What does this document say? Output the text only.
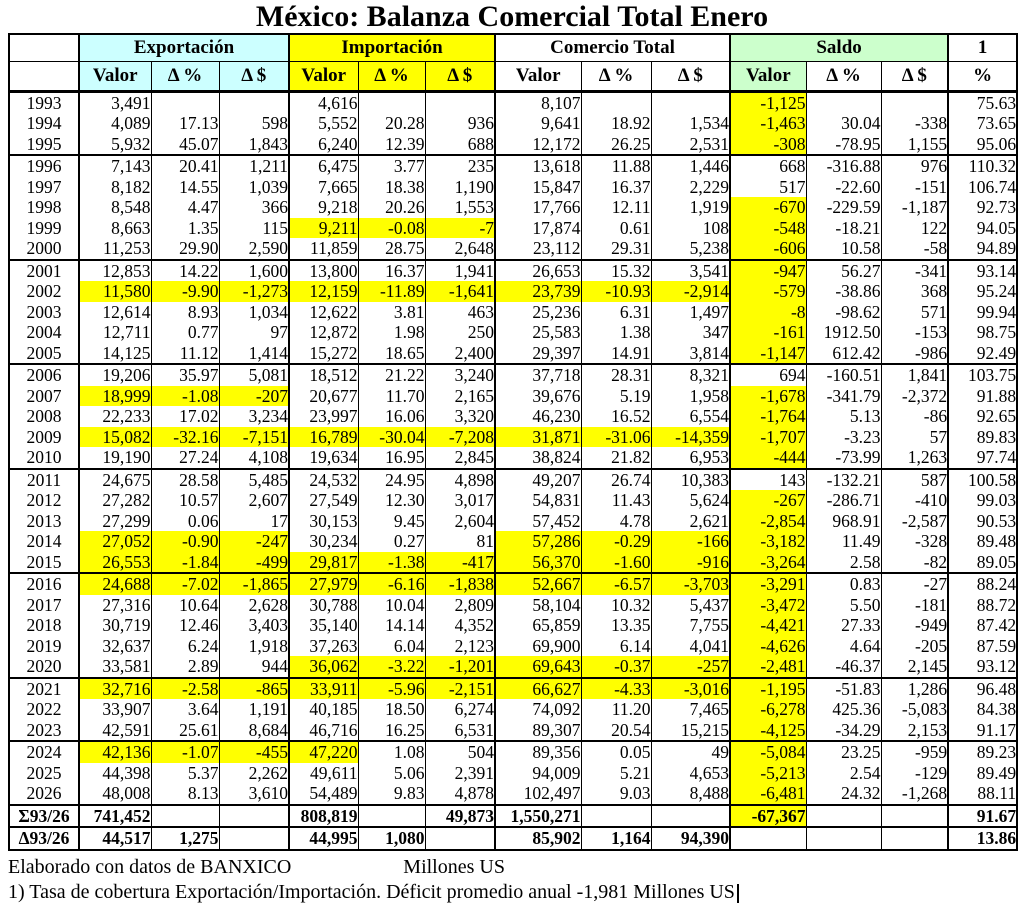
México: Balanza Comercial Total Enero
	Exportación			Importación			Comercio Total			Saldo			1
	Valor	Δ %	Δ $	Valor	Δ %	Δ $	Valor	Δ %	Δ $	Valor	Δ %	Δ $	%
1993	3,491			4,616			8,107			-1,125			75.63
1994	4,089	17.13	598	5,552	20.28	936	9,641	18.92	1,534	-1,463	30.04	-338	73.65
1995	5,932	45.07	1,843	6,240	12.39	688	12,172	26.25	2,531	-308	-78.95	1,155	95.06
1996	7,143	20.41	1,211	6,475	3.77	235	13,618	11.88	1,446	668	-316.88	976	110.32
1997	8,182	14.55	1,039	7,665	18.38	1,190	15,847	16.37	2,229	517	-22.60	-151	106.74
1998	8,548	4.47	366	9,218	20.26	1,553	17,766	12.11	1,919	-670	-229.59	-1,187	92.73
1999	8,663	1.35	115	9,211	-0.08	-7	17,874	0.61	108	-548	-18.21	122	94.05
2000	11,253	29.90	2,590	11,859	28.75	2,648	23,112	29.31	5,238	-606	10.58	-58	94.89
2001	12,853	14.22	1,600	13,800	16.37	1,941	26,653	15.32	3,541	-947	56.27	-341	93.14
2002	11,580	-9.90	-1,273	12,159	-11.89	-1,641	23,739	-10.93	-2,914	-579	-38.86	368	95.24
2003	12,614	8.93	1,034	12,622	3.81	463	25,236	6.31	1,497	-8	-98.62	571	99.94
2004	12,711	0.77	97	12,872	1.98	250	25,583	1.38	347	-161	1912.50	-153	98.75
2005	14,125	11.12	1,414	15,272	18.65	2,400	29,397	14.91	3,814	-1,147	612.42	-986	92.49
2006	19,206	35.97	5,081	18,512	21.22	3,240	37,718	28.31	8,321	694	-160.51	1,841	103.75
2007	18,999	-1.08	-207	20,677	11.70	2,165	39,676	5.19	1,958	-1,678	-341.79	-2,372	91.88
2008	22,233	17.02	3,234	23,997	16.06	3,320	46,230	16.52	6,554	-1,764	5.13	-86	92.65
2009	15,082	-32.16	-7,151	16,789	-30.04	-7,208	31,871	-31.06	-14,359	-1,707	-3.23	57	89.83
2010	19,190	27.24	4,108	19,634	16.95	2,845	38,824	21.82	6,953	-444	-73.99	1,263	97.74
2011	24,675	28.58	5,485	24,532	24.95	4,898	49,207	26.74	10,383	143	-132.21	587	100.58
2012	27,282	10.57	2,607	27,549	12.30	3,017	54,831	11.43	5,624	-267	-286.71	-410	99.03
2013	27,299	0.06	17	30,153	9.45	2,604	57,452	4.78	2,621	-2,854	968.91	-2,587	90.53
2014	27,052	-0.90	-247	30,234	0.27	81	57,286	-0.29	-166	-3,182	11.49	-328	89.48
2015	26,553	-1.84	-499	29,817	-1.38	-417	56,370	-1.60	-916	-3,264	2.58	-82	89.05
2016	24,688	-7.02	-1,865	27,979	-6.16	-1,838	52,667	-6.57	-3,703	-3,291	0.83	-27	88.24
2017	27,316	10.64	2,628	30,788	10.04	2,809	58,104	10.32	5,437	-3,472	5.50	-181	88.72
2018	30,719	12.46	3,403	35,140	14.14	4,352	65,859	13.35	7,755	-4,421	27.33	-949	87.42
2019	32,637	6.24	1,918	37,263	6.04	2,123	69,900	6.14	4,041	-4,626	4.64	-205	87.59
2020	33,581	2.89	944	36,062	-3.22	-1,201	69,643	-0.37	-257	-2,481	-46.37	2,145	93.12
2021	32,716	-2.58	-865	33,911	-5.96	-2,151	66,627	-4.33	-3,016	-1,195	-51.83	1,286	96.48
2022	33,907	3.64	1,191	40,185	18.50	6,274	74,092	11.20	7,465	-6,278	425.36	-5,083	84.38
2023	42,591	25.61	8,684	46,716	16.25	6,531	89,307	20.54	15,215	-4,125	-34.29	2,153	91.17
2024	42,136	-1.07	-455	47,220	1.08	504	89,356	0.05	49	-5,084	23.25	-959	89.23
2025	44,398	5.37	2,262	49,611	5.06	2,391	94,009	5.21	4,653	-5,213	2.54	-129	89.49
2026	48,008	8.13	3,610	54,489	9.83	4,878	102,497	9.03	8,488	-6,481	24.32	-1,268	88.11
Σ93/26	741,452			808,819		49,873	1,550,271			-67,367			91.67
Δ93/26	44,517	1,275		44,995	1,080		85,902	1,164	94,390				13.86

Elaborado con datos de BANXICO	Millones US

1) Tasa de cobertura Exportación/Importación. Déficit promedio anual -1,981 Millones US
